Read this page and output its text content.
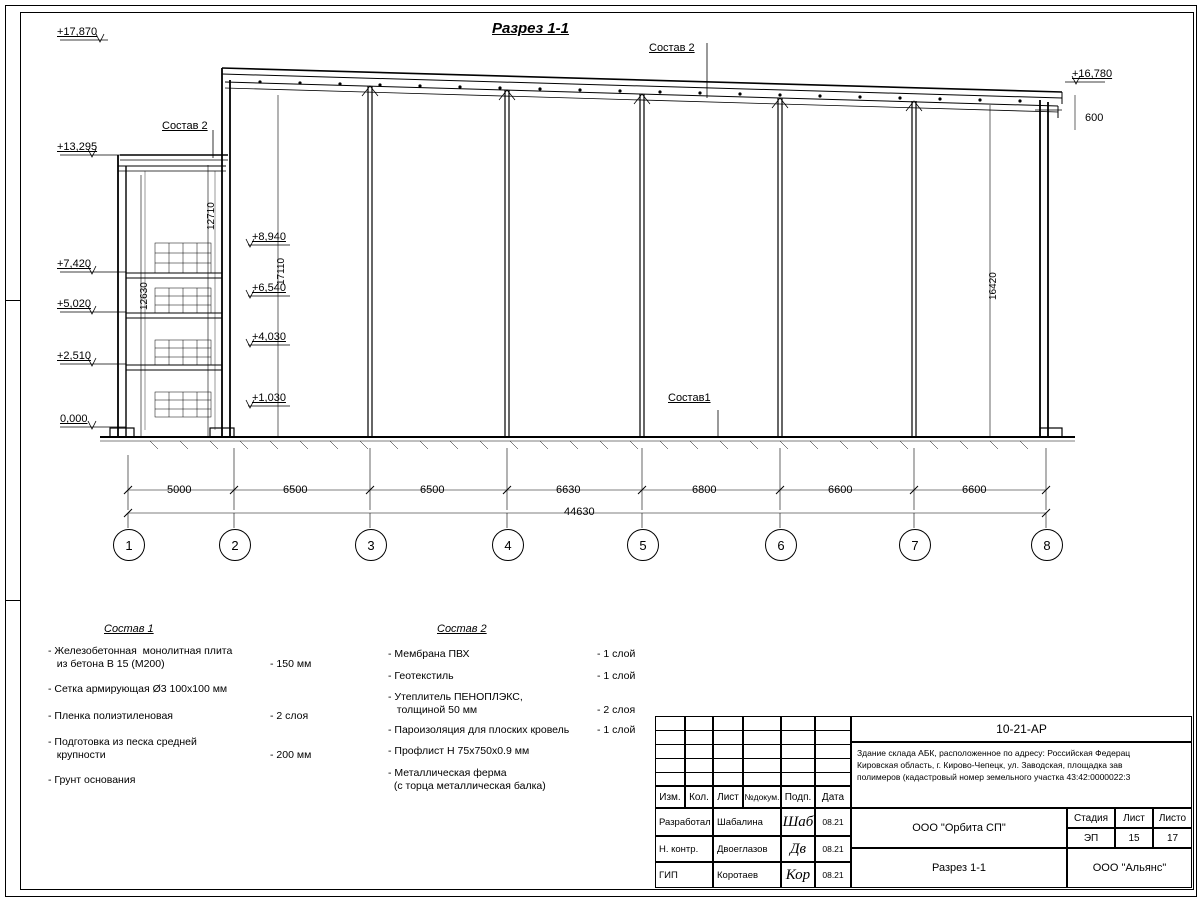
Разрез 1-1
+17,870
+13,295
+7,420
+5,020
+2,510
0,000
+8,940
+6,540
+4,030
+1,030
+16,780
Состав 2
Состав 2
Состав1
12710
12630
17110
16420
600
5000	6500	6500	6630	6800	6600	6600
44630
1	2	3	4	5	6	7	8
Состав 1
- Железобетонная  монолитная плита
из бетона В 15 (М200)	- 150 мм
- Сетка армирующая Ø3 100х100 мм
- Пленка полиэтиленовая	- 2 слоя
- Подготовка из песка средней
крупности	- 200 мм
- Грунт основания
Состав 2
- Мембрана ПВХ	- 1 слой
- Геотекстиль	- 1 слой
- Утеплитель ПЕНОПЛЭКС,
толщиной 50 мм	- 2 слоя
- Пароизоляция для плоских кровель	- 1 слой
- Профлист Н 75х750х0.9 мм
- Металлическая ферма
(с торца металлическая балка)
Изм. Кол. Лист №докум. Подп.	Дата
Разработал Шабалина	Шаб	08.21
Н. контр.	Двоеглазов	Дв	08.21
ГИП	Коротаев	Кор	08.21
10-21-АР
Здание склада АБК, расположенное по адресу: Российская Федерац
Кировская область, г. Кирово-Чепецк, ул. Заводская, площадка зав
полимеров (кадастровый номер земельного участка 43:42:0000022:3
ООО "Орбита СП"
Разрез 1-1
Стадия	Лист	Листо
ЭП	15	17
ООО "Альянс"
